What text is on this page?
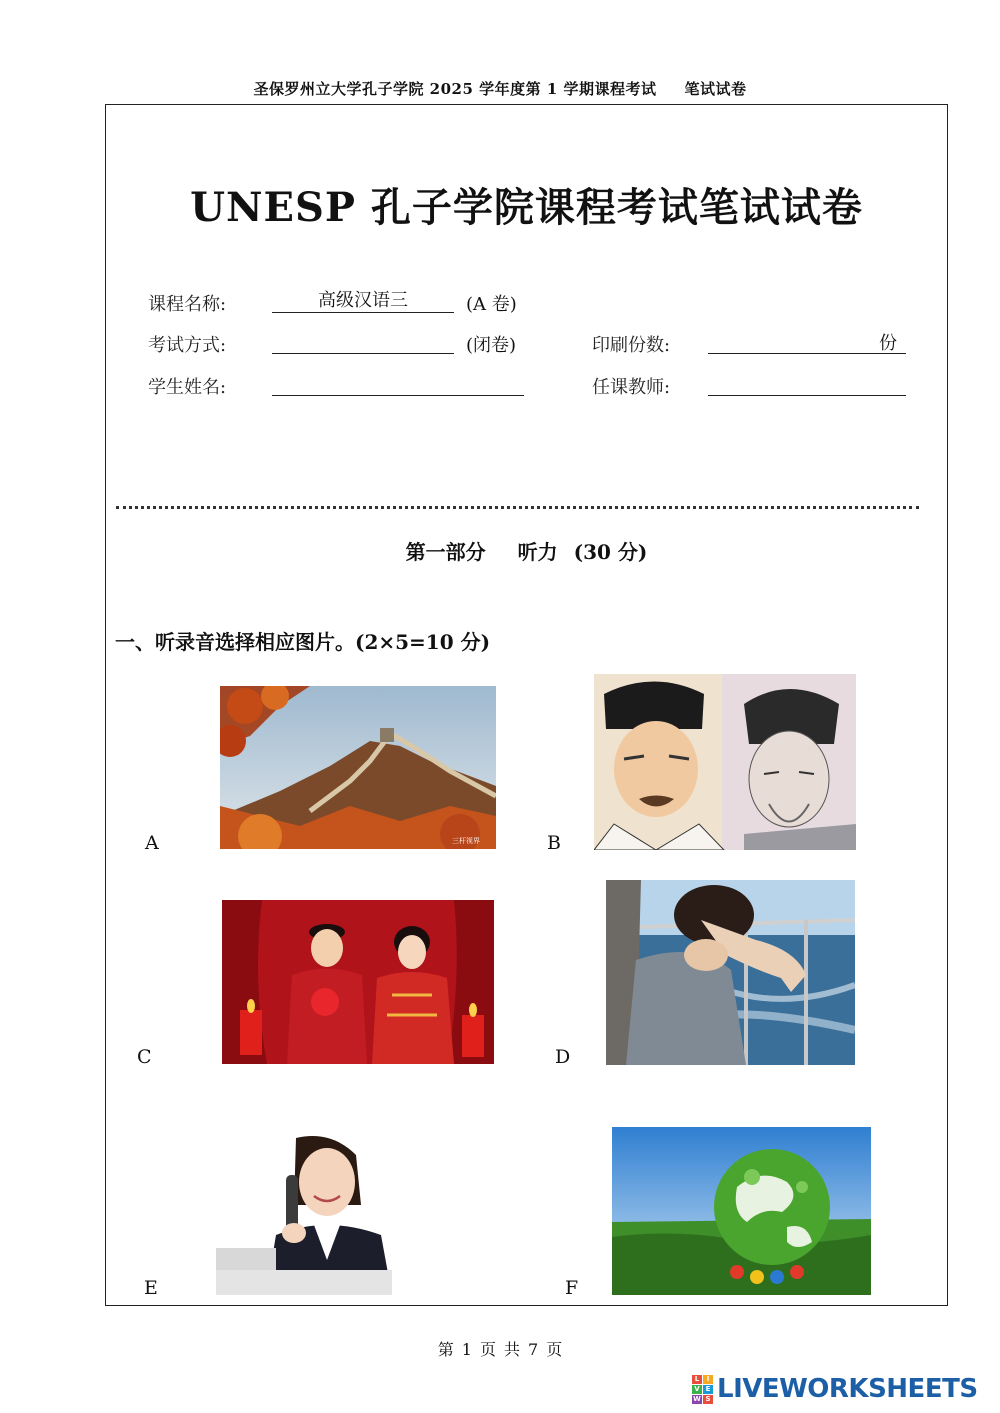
圣保罗州立大学孔子学院 2025 学年度第 1 学期课程考试 笔试试卷
UNESP 孔子学院课程考试笔试试卷
课程名称:	高级汉语三	(A 卷)
考试方式:	(闭卷)	印刷份数:	份
学生姓名:	任课教师:
第一部分 听力 (30 分)
一、听录音选择相应图片。(2×5=10 分)
A	三杆视界	B
C	D
E	F
第 1 页 共 7 页
L	I
V E
W S LIVEWORKSHEETS
